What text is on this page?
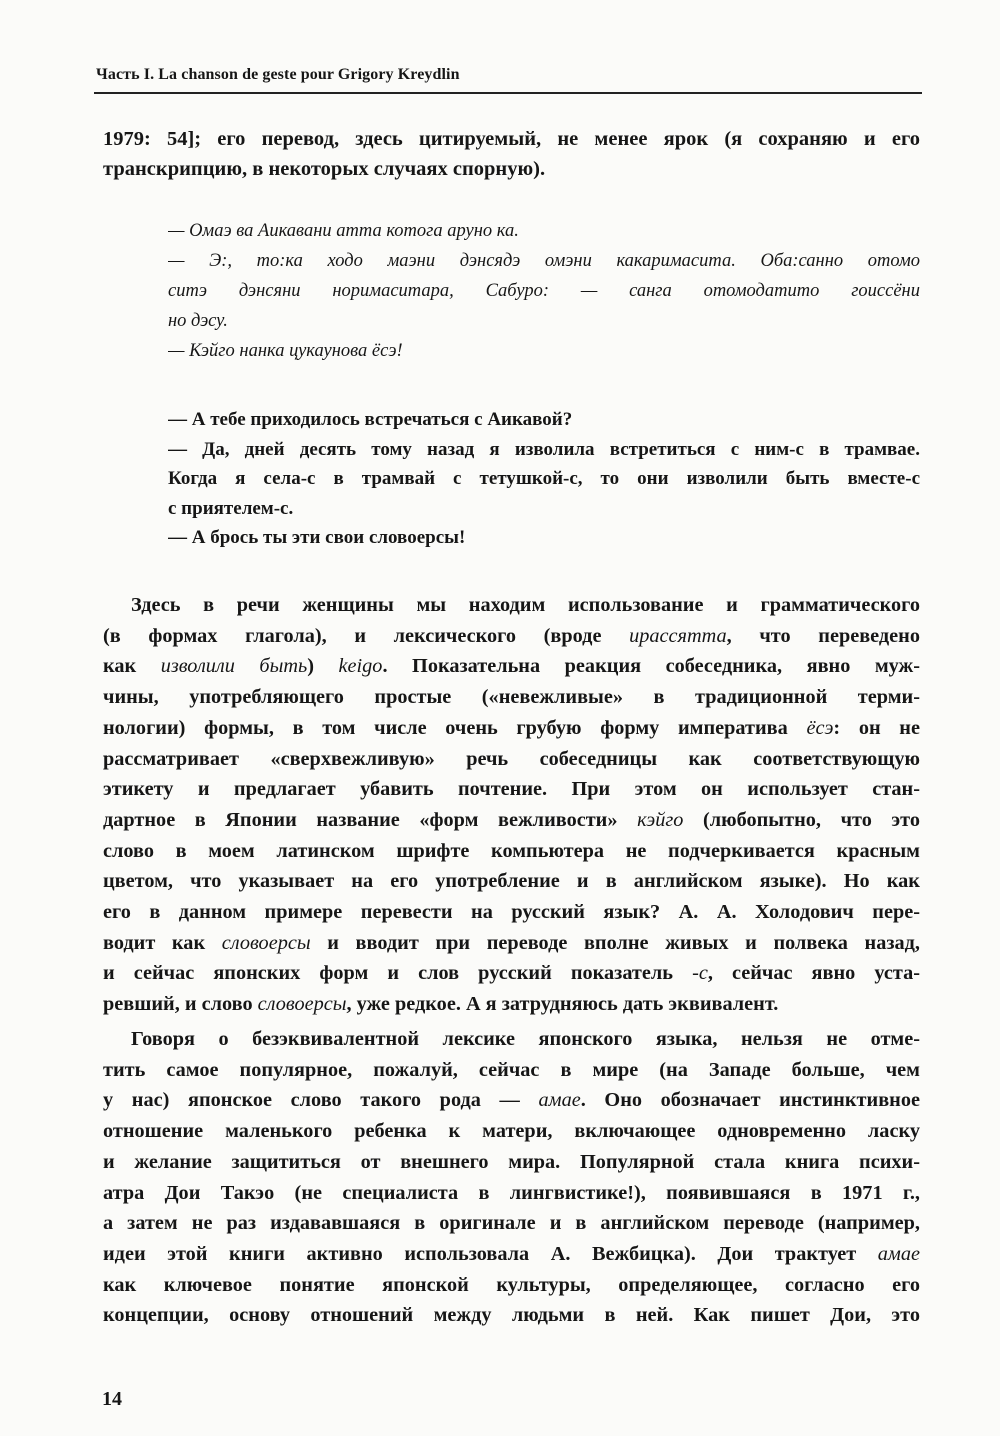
Часть I. La chanson de geste pour Grigory Kreydlin
1979: 54]; его перевод, здесь цитируемый, не менее ярок (я сохраняю и его
транскрипцию, в некоторых случаях спорную).
— Омаэ ва Аикавани атта котога аруно ка.
— Э:, то:ка ходо маэни дэнсядэ омэни какаримасита. Оба:санно отомо
ситэ дэнсяни норимаситара, Сабуро: — санга отомодатито гоиссёни
но дэсу.
— Кэйго нанка цукаунова ёсэ!
— А тебе приходилось встречаться с Аикавой?
— Да, дней десять тому назад я изволила встретиться с ним-с в трамвае.
Когда я села-с в трамвай с тетушкой-с, то они изволили быть вместе-с
с приятелем-с.
— А брось ты эти свои словоерсы!
Здесь в речи женщины мы находим использование и грамматического
(в формах глагола), и лексического (вроде ирассятта, что переведено
как изволили быть) keigo. Показательна реакция собеседника, явно муж-
чины, употребляющего простые («невежливые» в традиционной терми-
нологии) формы, в том числе очень грубую форму императива ёсэ: он не
рассматривает «сверхвежливую» речь собеседницы как соответствующую
этикету и предлагает убавить почтение. При этом он использует стан-
дартное в Японии название «форм вежливости» кэйго (любопытно, что это
слово в моем латинском шрифте компьютера не подчеркивается красным
цветом, что указывает на его употребление и в английском языке). Но как
его в данном примере перевести на русский язык? А. А. Холодович пере-
водит как словоерсы и вводит при переводе вполне живых и полвека назад,
и сейчас японских форм и слов русский показатель -с, сейчас явно уста-
ревший, и слово словоерсы, уже редкое. А я затрудняюсь дать эквивалент.
Говоря о безэквивалентной лексике японского языка, нельзя не отме-
тить самое популярное, пожалуй, сейчас в мире (на Западе больше, чем
у нас) японское слово такого рода — амае. Оно обозначает инстинктивное
отношение маленького ребенка к матери, включающее одновременно ласку
и желание защититься от внешнего мира. Популярной стала книга психи-
атра Дои Такэо (не специалиста в лингвистике!), появившаяся в 1971 г.,
а затем не раз издававшаяся в оригинале и в английском переводе (например,
идеи этой книги активно использовала А. Вежбицка). Дои трактует амае
как ключевое понятие японской культуры, определяющее, согласно его
концепции, основу отношений между людьми в ней. Как пишет Дои, это
14
